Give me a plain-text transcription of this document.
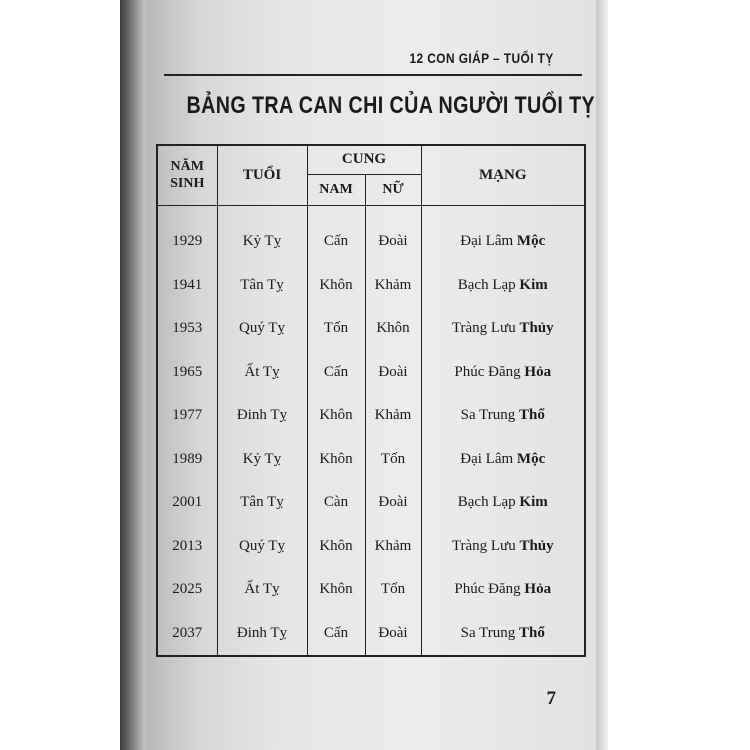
12 CON GIÁP – TUỔI TỴ
BẢNG TRA CAN CHI CỦA NGƯỜI TUỔI TỴ
NĂM
SINH	TUỔI	CUNG		MẠNG
		NAM	NỮ	
1929	Kỷ Tỵ	Cấn	Đoài	Đại Lâm Mộc
1941	Tân Tỵ	Khôn	Khảm	Bạch Lạp Kim
1953	Quý Tỵ	Tốn	Khôn	Tràng Lưu Thủy
1965	Ất Tỵ	Cấn	Đoài	Phúc Đăng Hỏa
1977	Đinh Tỵ	Khôn	Khảm	Sa Trung Thổ
1989	Kỷ Tỵ	Khôn	Tốn	Đại Lâm Mộc
2001	Tân Tỵ	Càn	Đoài	Bạch Lạp Kim
2013	Quý Tỵ	Khôn	Khảm	Tràng Lưu Thủy
2025	Ất Tỵ	Khôn	Tốn	Phúc Đăng Hỏa
2037	Đinh Tỵ	Cấn	Đoài	Sa Trung Thổ
7
